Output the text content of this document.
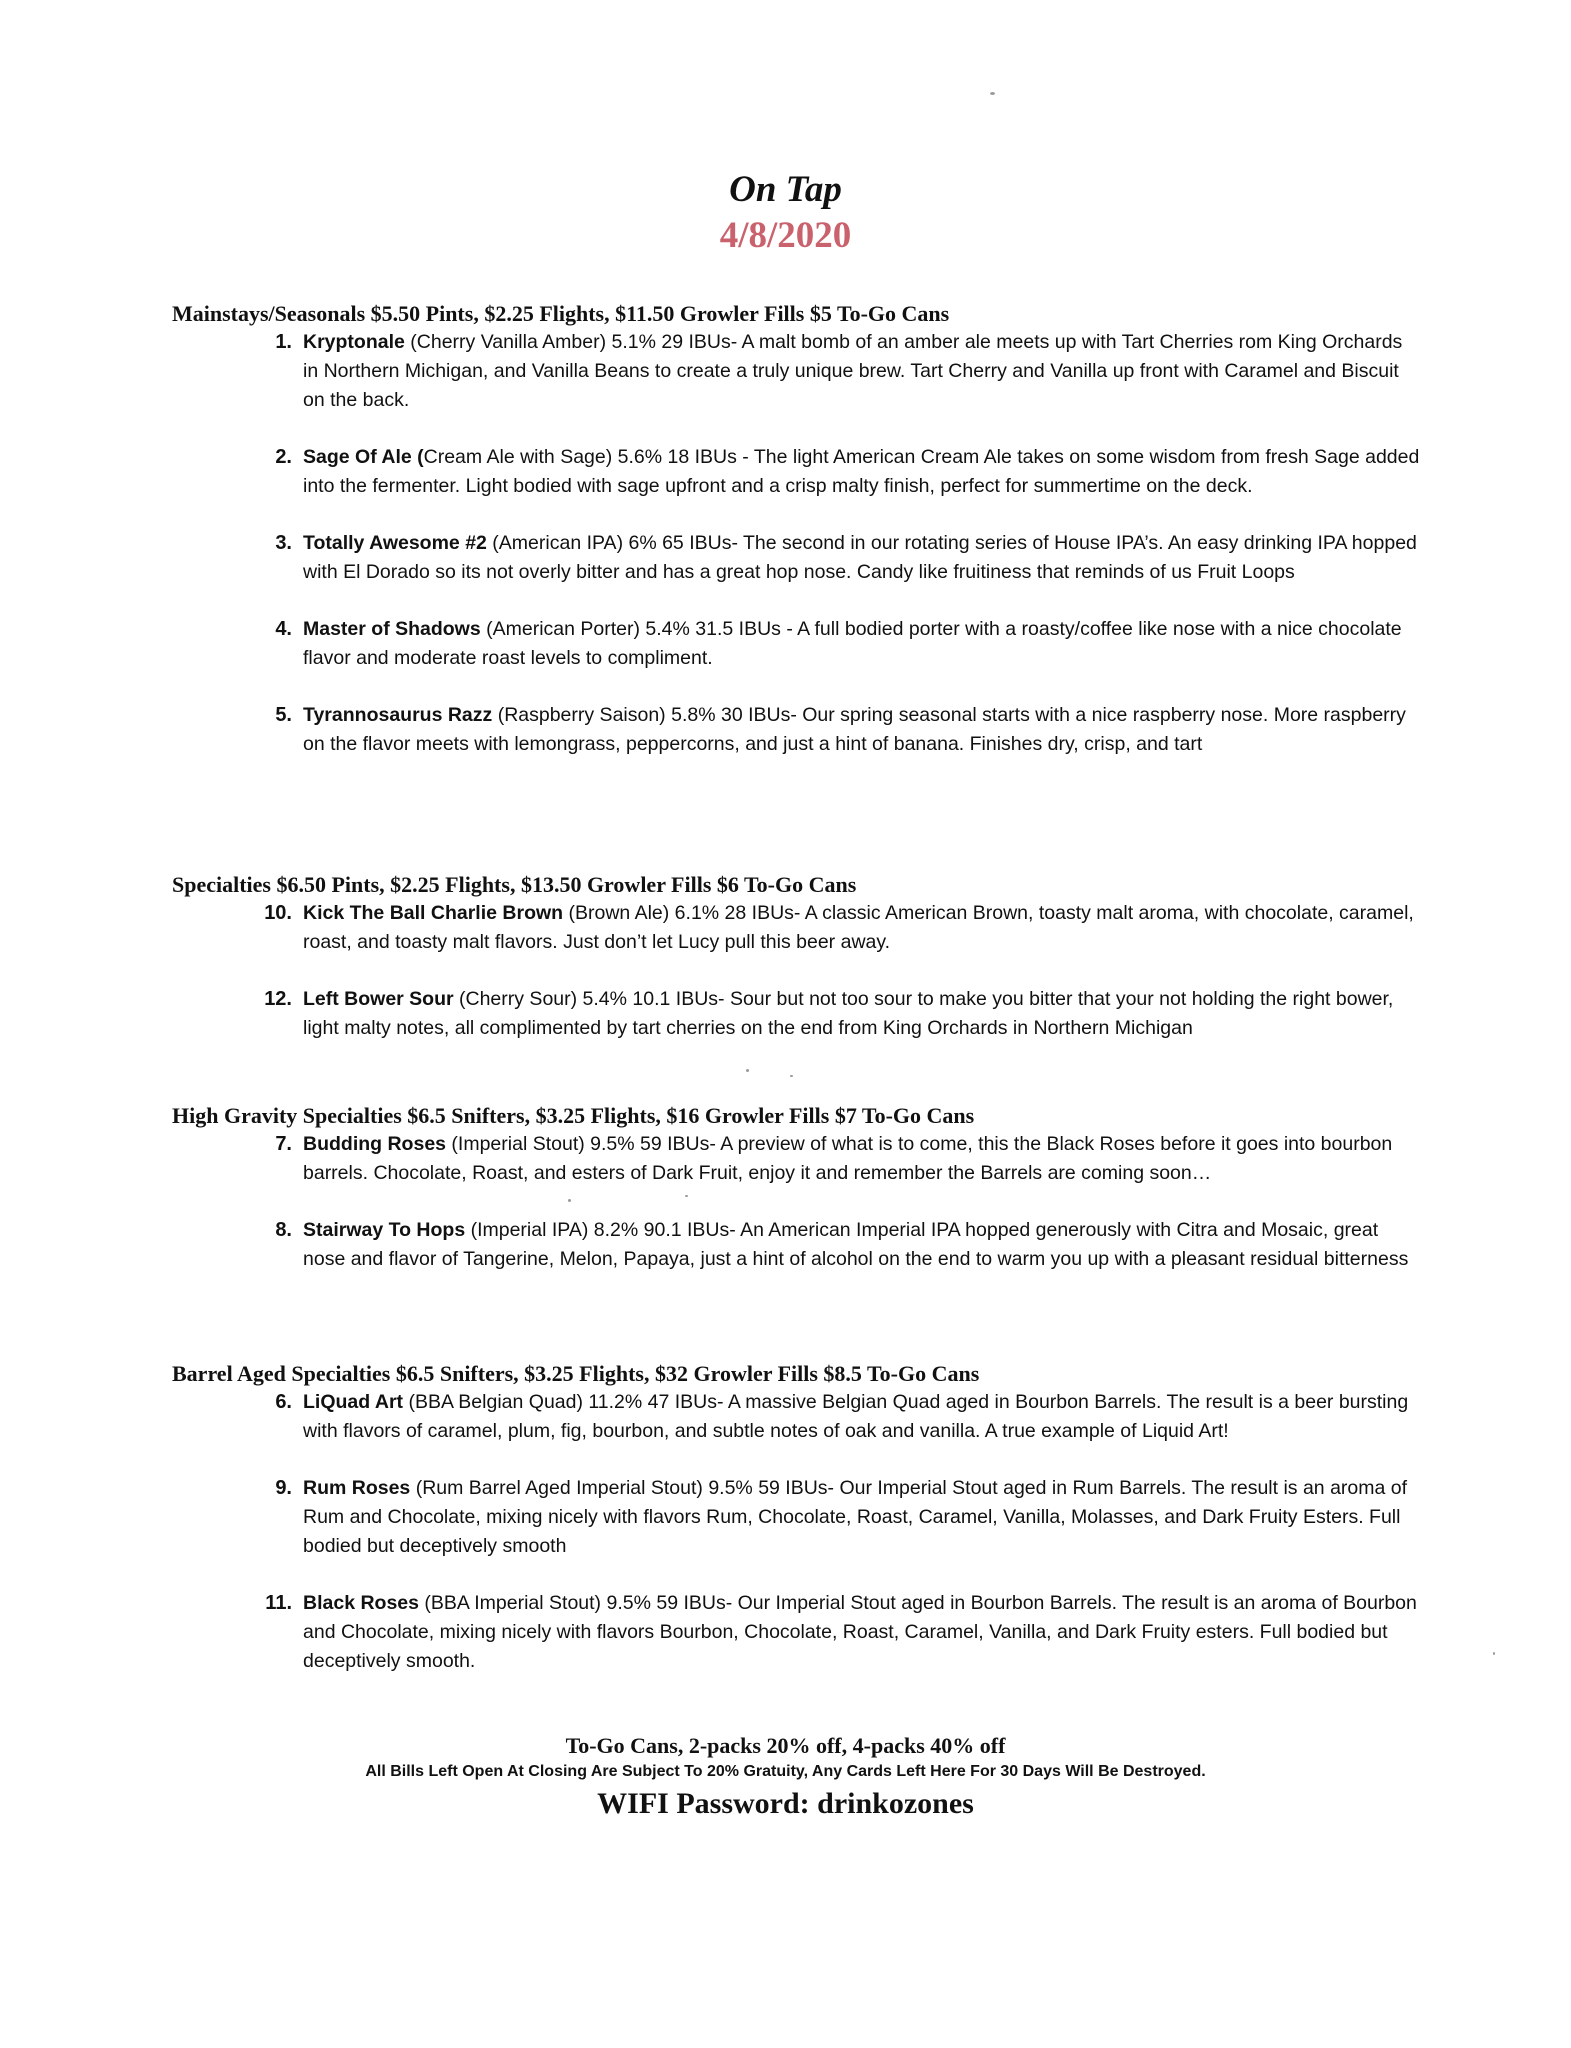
On Tap
4/8/2020
Mainstays/Seasonals $5.50 Pints, $2.25 Flights, $11.50 Growler Fills $5 To-Go Cans
1. Kryptonale (Cherry Vanilla Amber) 5.1% 29 IBUs- A malt bomb of an amber ale meets up with Tart Cherries rom King Orchards in Northern Michigan, and Vanilla Beans to create a truly unique brew. Tart Cherry and Vanilla up front with Caramel and Biscuit on the back.
2. Sage Of Ale (Cream Ale with Sage) 5.6% 18 IBUs - The light American Cream Ale takes on some wisdom from fresh Sage added into the fermenter. Light bodied with sage upfront and a crisp malty finish, perfect for summertime on the deck.
3. Totally Awesome #2 (American IPA) 6% 65 IBUs- The second in our rotating series of House IPA’s. An easy drinking IPA hopped with El Dorado so its not overly bitter and has a great hop nose. Candy like fruitiness that reminds of us Fruit Loops
4. Master of Shadows (American Porter) 5.4% 31.5 IBUs - A full bodied porter with a roasty/coffee like nose with a nice chocolate flavor and moderate roast levels to compliment.
5. Tyrannosaurus Razz (Raspberry Saison) 5.8% 30 IBUs- Our spring seasonal starts with a nice raspberry nose. More raspberry on the flavor meets with lemongrass, peppercorns, and just a hint of banana. Finishes dry, crisp, and tart
Specialties $6.50 Pints, $2.25 Flights, $13.50 Growler Fills $6 To-Go Cans
10. Kick The Ball Charlie Brown (Brown Ale) 6.1% 28 IBUs- A classic American Brown, toasty malt aroma, with chocolate, caramel, roast, and toasty malt flavors. Just don’t let Lucy pull this beer away.
12. Left Bower Sour (Cherry Sour) 5.4% 10.1 IBUs- Sour but not too sour to make you bitter that your not holding the right bower, light malty notes, all complimented by tart cherries on the end from King Orchards in Northern Michigan
High Gravity Specialties $6.5 Snifters, $3.25 Flights, $16 Growler Fills $7 To-Go Cans
7. Budding Roses (Imperial Stout) 9.5% 59 IBUs- A preview of what is to come, this the Black Roses before it goes into bourbon barrels. Chocolate, Roast, and esters of Dark Fruit, enjoy it and remember the Barrels are coming soon…
8. Stairway To Hops (Imperial IPA) 8.2% 90.1 IBUs- An American Imperial IPA hopped generously with Citra and Mosaic, great nose and flavor of Tangerine, Melon, Papaya, just a hint of alcohol on the end to warm you up with a pleasant residual bitterness
Barrel Aged Specialties $6.5 Snifters, $3.25 Flights, $32 Growler Fills $8.5 To-Go Cans
6. LiQuad Art (BBA Belgian Quad) 11.2% 47 IBUs- A massive Belgian Quad aged in Bourbon Barrels. The result is a beer bursting with flavors of caramel, plum, fig, bourbon, and subtle notes of oak and vanilla. A true example of Liquid Art!
9. Rum Roses (Rum Barrel Aged Imperial Stout) 9.5% 59 IBUs- Our Imperial Stout aged in Rum Barrels. The result is an aroma of Rum and Chocolate, mixing nicely with flavors Rum, Chocolate, Roast, Caramel, Vanilla, Molasses, and Dark Fruity Esters. Full bodied but deceptively smooth
11. Black Roses (BBA Imperial Stout) 9.5% 59 IBUs- Our Imperial Stout aged in Bourbon Barrels. The result is an aroma of Bourbon and Chocolate, mixing nicely with flavors Bourbon, Chocolate, Roast, Caramel, Vanilla, and Dark Fruity esters. Full bodied but deceptively smooth.
To-Go Cans, 2-packs 20% off, 4-packs 40% off
All Bills Left Open At Closing Are Subject To 20% Gratuity, Any Cards Left Here For 30 Days Will Be Destroyed.
WIFI Password: drinkozones
